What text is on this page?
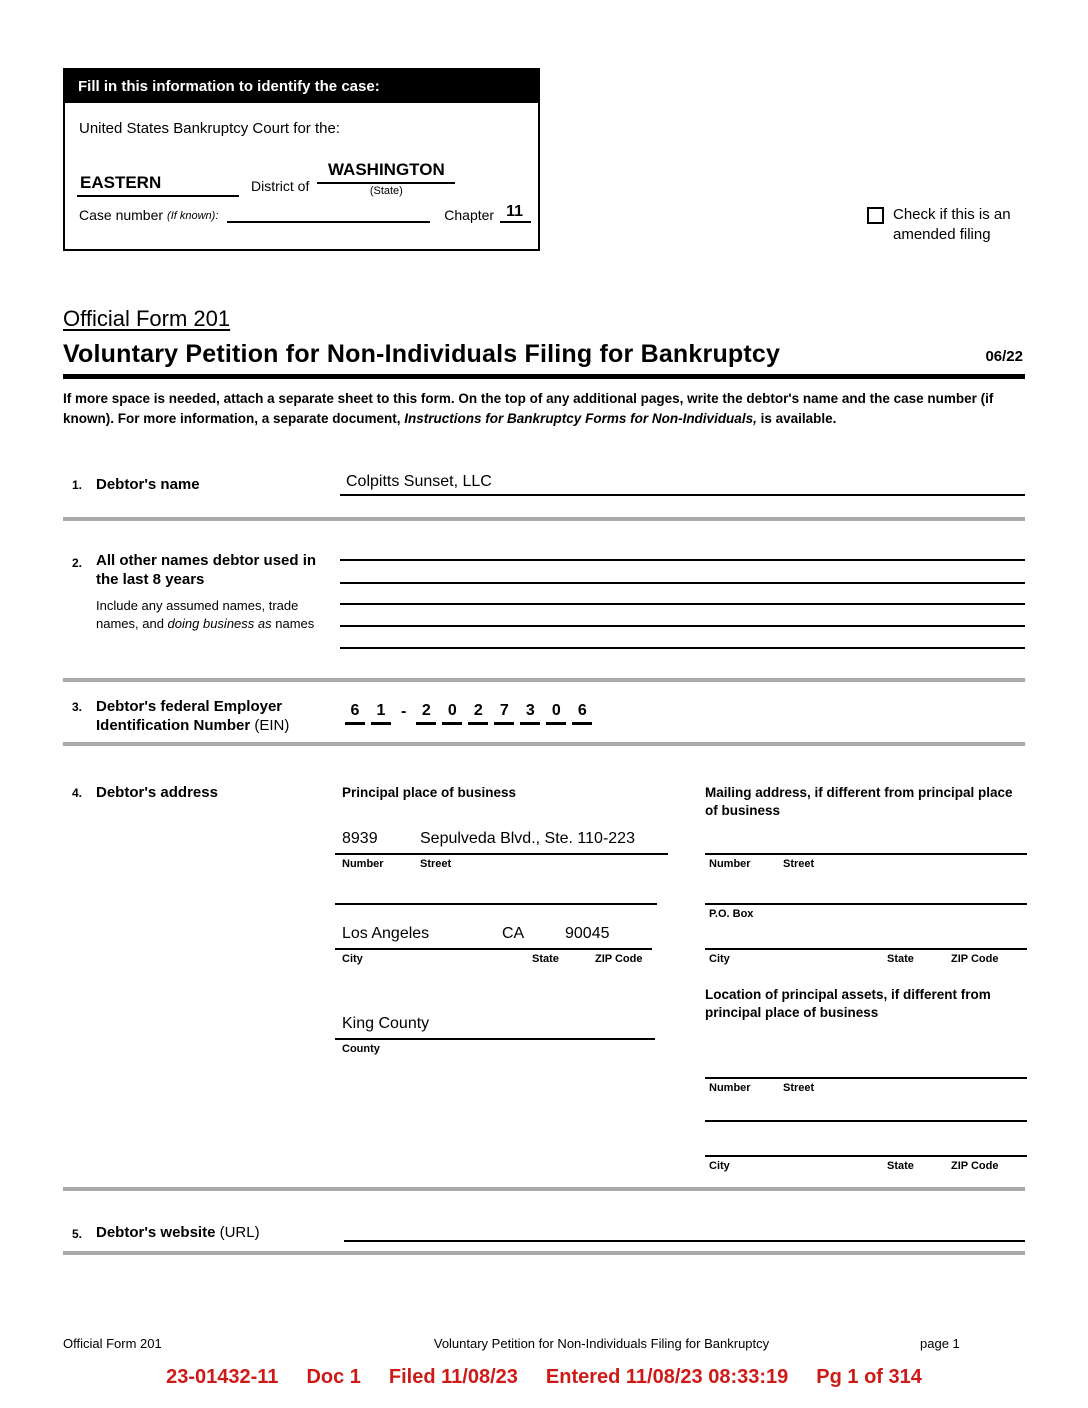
Fill in this information to identify the case:
United States Bankruptcy Court for the:
EASTERN	District of
WASHINGTON
(State)
Case number (If known):	Chapter 11	Check if this is an amended filing
Official Form 201
Voluntary Petition for Non-Individuals Filing for Bankruptcy	06/22
If more space is needed, attach a separate sheet to this form. On the top of any additional pages, write the debtor's name and the case number (if known). For more information, a separate document, Instructions for Bankruptcy Forms for Non-Individuals, is available.
1. Debtor's name	Colpitts Sunset, LLC
2. All other names debtor used in the last 8 years
Include any assumed names, trade names, and doing business as names
3. Debtor's federal Employer Identification Number (EIN)
6	1 - 2	0	2	7	3	0	6
4. Debtor's address	Principal place of business
8939	Sepulveda Blvd., Ste. 110-223
Number	Street
Los Angeles	CA	90045
City	State	ZIP Code
King County
County
Mailing address, if different from principal place of business
Number	Street
P.O. Box
City	State	ZIP Code
Location of principal assets, if different from principal place of business
Number	Street
City	State	ZIP Code
5. Debtor's website (URL)
Official Form 201	Voluntary Petition for Non-Individuals Filing for Bankruptcy	page 1
23-01432-11 Doc 1 Filed 11/08/23 Entered 11/08/23 08:33:19 Pg 1 of 314
